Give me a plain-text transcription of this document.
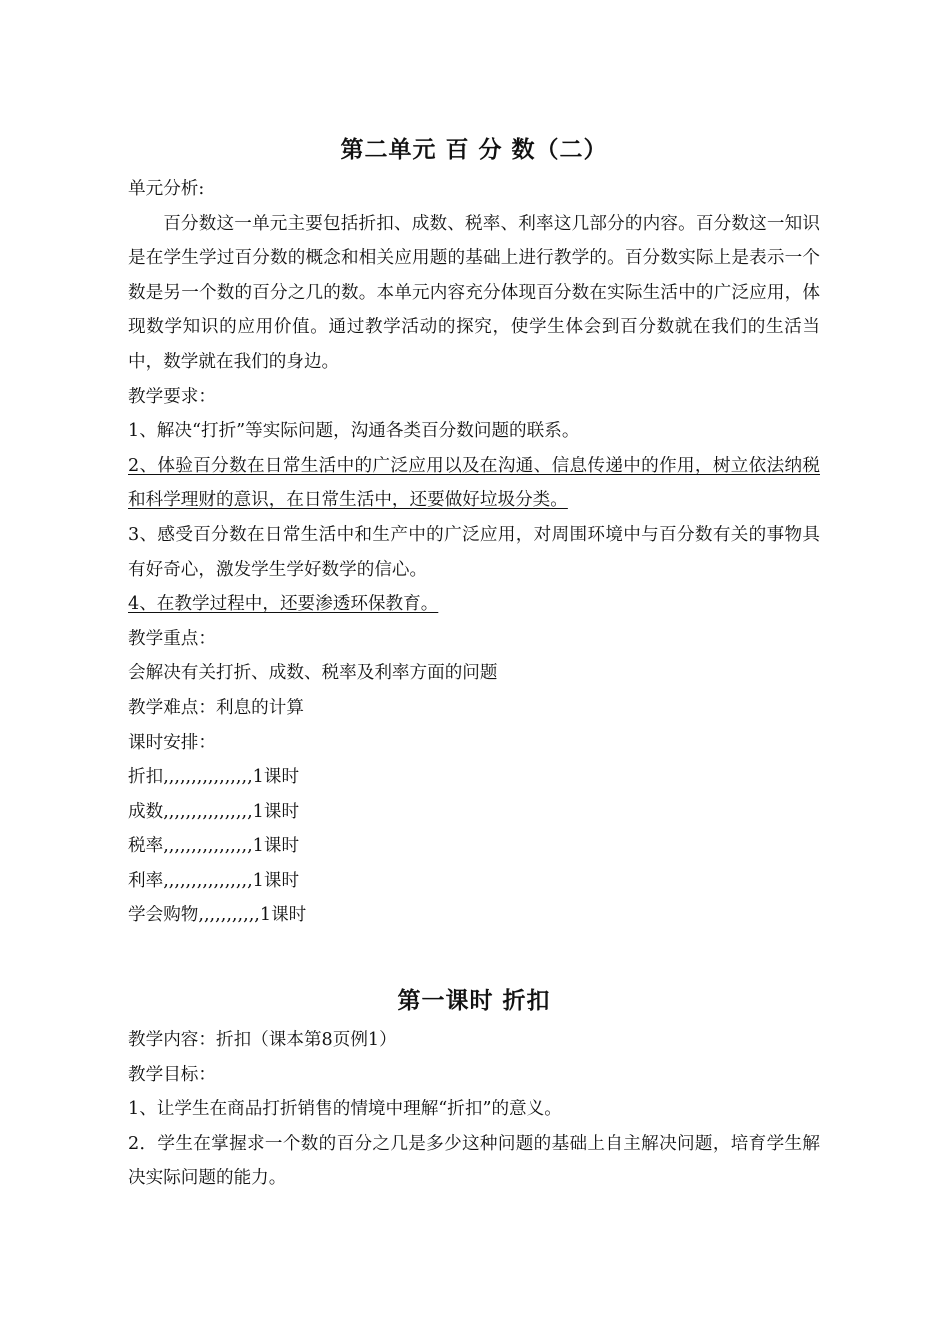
第二单元 百 分 数（二）

单元分析:

百分数这一单元主要包括折扣、成数、税率、利率这几部分的内容。百分数这一知识是在学生学过百分数的概念和相关应用题的基础上进行教学的。百分数实际上是表示一个数是另一个数的百分之几的数。本单元内容充分体现百分数在实际生活中的广泛应用，体现数学知识的应用价值。通过教学活动的探究，使学生体会到百分数就在我们的生活当中，数学就在我们的身边。

教学要求：

1、解决“打折”等实际问题，沟通各类百分数问题的联系。

2、体验百分数在日常生活中的广泛应用以及在沟通、信息传递中的作用，树立依法纳税和科学理财的意识，在日常生活中，还要做好垃圾分类。

3、感受百分数在日常生活中和生产中的广泛应用，对周围环境中与百分数有关的事物具有好奇心，激发学生学好数学的信心。

4、在教学过程中，还要渗透环保教育。

教学重点：

会解决有关打折、成数、税率及利率方面的问题

教学难点：利息的计算

课时安排：

折扣,,,,,,,,,,,,,,,,1课时

成数,,,,,,,,,,,,,,,,1课时

税率,,,,,,,,,,,,,,,,1课时

利率,,,,,,,,,,,,,,,,1课时

学会购物,,,,,,,,,,,1课时

第一课时 折扣

教学内容：折扣（课本第8页例1）

教学目标：

1、让学生在商品打折销售的情境中理解“折扣”的意义。

2．学生在掌握求一个数的百分之几是多少这种问题的基础上自主解决问题，培育学生解决实际问题的能力。
